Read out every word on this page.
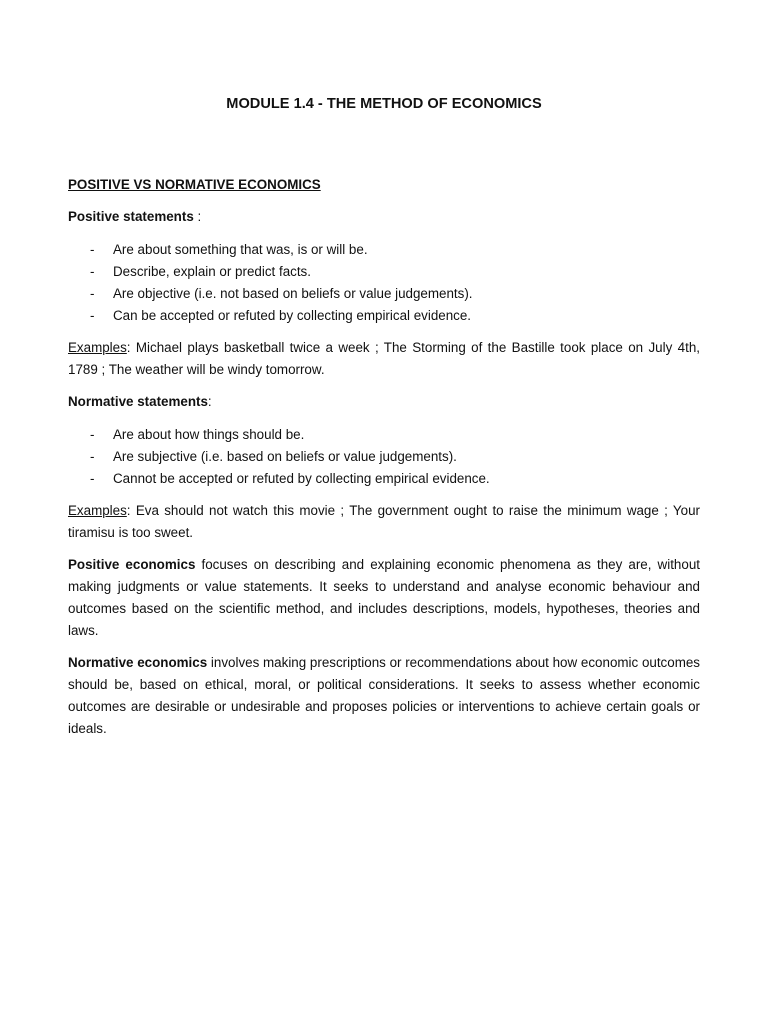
MODULE 1.4 - THE METHOD OF ECONOMICS
POSITIVE VS NORMATIVE ECONOMICS
Positive statements :
- Are about something that was, is or will be.
- Describe, explain or predict facts.
- Are objective (i.e. not based on beliefs or value judgements).
- Can be accepted or refuted by collecting empirical evidence.

Examples: Michael plays basketball twice a week ; The Storming of the Bastille took place on July 4th, 1789 ; The weather will be windy tomorrow.

Normative statements:
- Are about how things should be.
- Are subjective (i.e. based on beliefs or value judgements).
- Cannot be accepted or refuted by collecting empirical evidence.

Examples: Eva should not watch this movie ; The government ought to raise the minimum wage ; Your tiramisu is too sweet.

Positive economics focuses on describing and explaining economic phenomena as they are, without making judgments or value statements. It seeks to understand and analyse economic behaviour and outcomes based on the scientific method, and includes descriptions, models, hypotheses, theories and laws.

Normative economics involves making prescriptions or recommendations about how economic outcomes should be, based on ethical, moral, or political considerations. It seeks to assess whether economic outcomes are desirable or undesirable and proposes policies or interventions to achieve certain goals or ideals.
